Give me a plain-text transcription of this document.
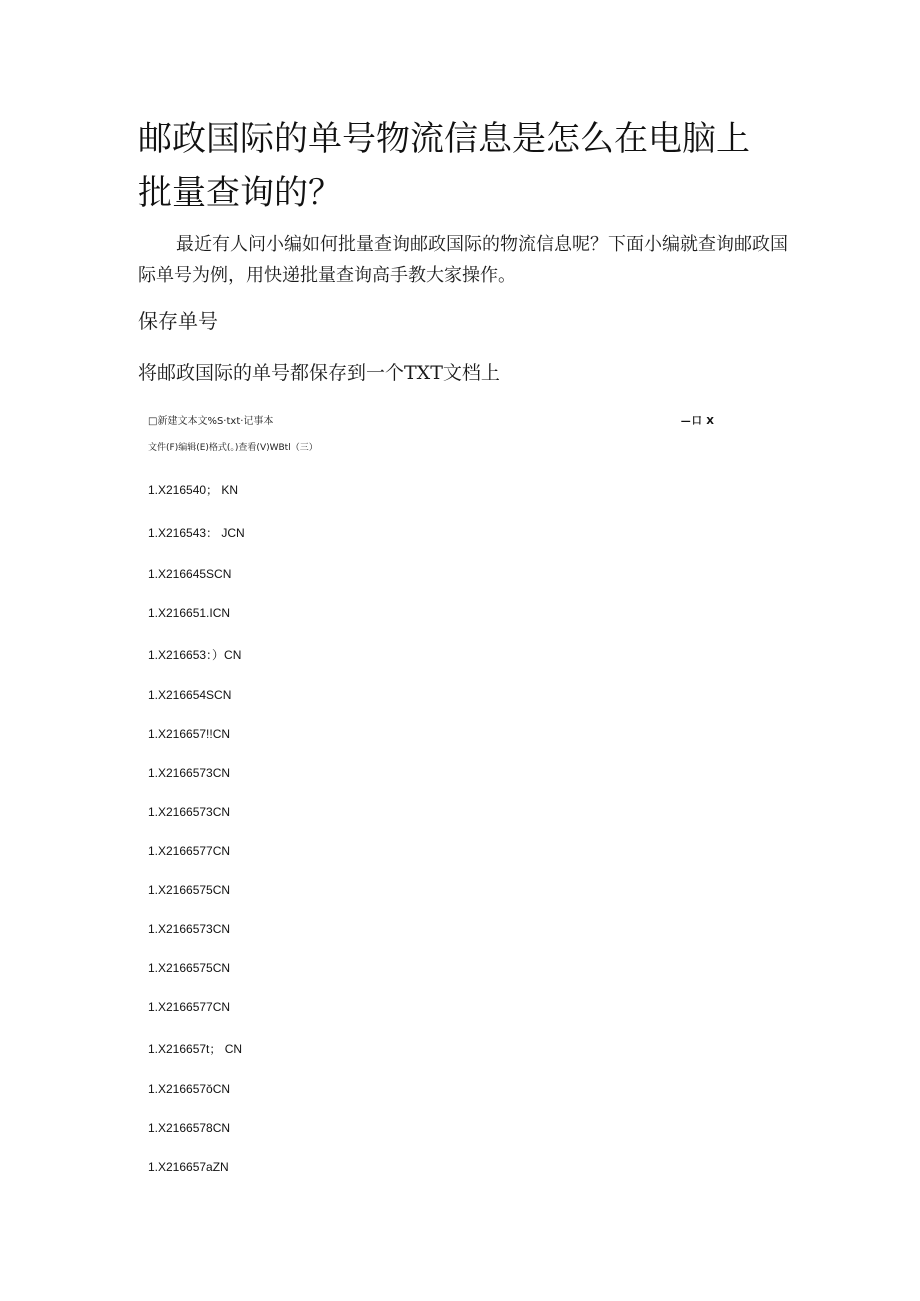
邮政国际的单号物流信息是怎么在电脑上
批量查询的？

最近有人问小编如何批量查询邮政国际的物流信息呢？下面小编就查询邮政国际单号为例，用快递批量查询高手教大家操作。

保存单号

将邮政国际的单号都保存到一个TXT文档上

□新建文本文%S·txt·记事本	—口 X
文件(F)编辑(E)格式(。)查看(V)WBtl（三）
1.X216540； KN
1.X216543： JCN
1.X216645SCN
1.X216651.ICN
1.X216653：）CN
1.X216654SCN
1.X216657!!CN
1.X2166573CN
1.X2166573CN
1.X2166577CN
1.X2166575CN
1.X2166573CN
1.X2166575CN
1.X2166577CN
1.X216657t； CN
1.X216657ŏCN
1.X2166578CN
1.X216657aZN
